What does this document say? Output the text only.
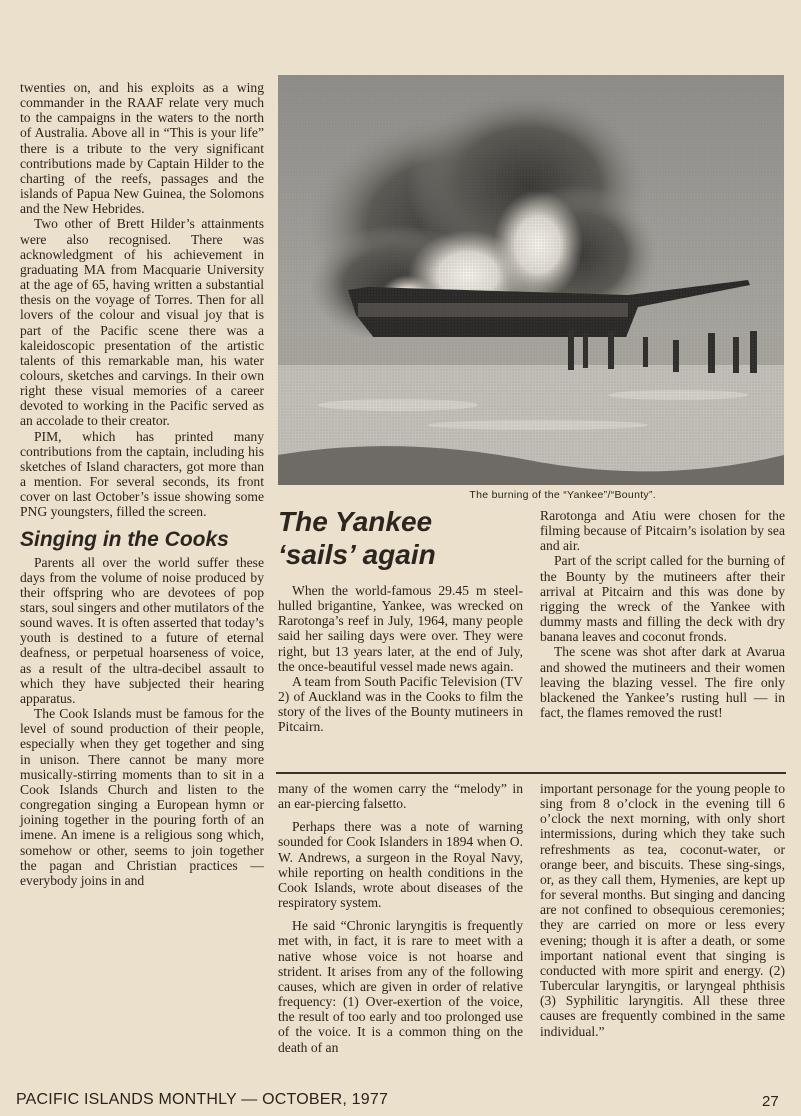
twenties on, and his exploits as a wing commander in the RAAF relate very much to the campaigns in the waters to the north of Australia. Above all in “This is your life” there is a tribute to the very significant contributions made by Captain Hilder to the charting of the reefs, passages and the islands of Papua New Guinea, the Solomons and the New Hebrides.

Two other of Brett Hilder’s attainments were also recognised. There was acknowledgment of his achievement in graduating MA from Macquarie University at the age of 65, having written a substantial thesis on the voyage of Torres. Then for all lovers of the colour and visual joy that is part of the Pacific scene there was a kaleidoscopic presentation of the artistic talents of this remarkable man, his water colours, sketches and carvings. In their own right these visual memories of a career devoted to working in the Pacific served as an accolade to their creator.

PIM, which has printed many contributions from the captain, including his sketches of Island characters, got more than a mention. For several seconds, its front cover on last October’s issue showing some PNG youngsters, filled the screen.

Singing in the Cooks

Parents all over the world suffer these days from the volume of noise produced by their offspring who are devotees of pop stars, soul singers and other mutilators of the sound waves. It is often asserted that today’s youth is destined to a future of eternal deafness, or perpetual hoarseness of voice, as a result of the ultra-decibel assault to which they have subjected their hearing apparatus.

The Cook Islands must be famous for the level of sound production of their people, especially when they get together and sing in unison. There cannot be many more musically-stirring moments than to sit in a Cook Islands Church and listen to the congregation singing a European hymn or joining together in the pouring forth of an imene. An imene is a religious song which, somehow or other, seems to join together the pagan and Christian practices — everybody joins in and

The burning of the “Yankee”/“Bounty”.
The Yankee
‘sails’ again

When the world-famous 29.45 m steel-hulled brigantine, Yankee, was wrecked on Rarotonga’s reef in July, 1964, many people said her sailing days were over. They were right, but 13 years later, at the end of July, the once-beautiful vessel made news again.

A team from South Pacific Television (TV 2) of Auckland was in the Cooks to film the story of the lives of the Bounty mutineers in Pitcairn.

Rarotonga and Atiu were chosen for the filming because of Pitcairn’s isolation by sea and air.

Part of the script called for the burning of the Bounty by the mutineers after their arrival at Pitcairn and this was done by rigging the wreck of the Yankee with dummy masts and filling the deck with dry banana leaves and coconut fronds.

The scene was shot after dark at Avarua and showed the mutineers and their women leaving the blazing vessel. The fire only blackened the Yankee’s rusting hull — in fact, the flames removed the rust!

many of the women carry the “melody” in an ear-piercing falsetto.

Perhaps there was a note of warning sounded for Cook Islanders in 1894 when O. W. Andrews, a surgeon in the Royal Navy, while reporting on health conditions in the Cook Islands, wrote about diseases of the respiratory system.

He said “Chronic laryngitis is frequently met with, in fact, it is rare to meet with a native whose voice is not hoarse and strident. It arises from any of the following causes, which are given in order of relative frequency: (1) Over-exertion of the voice, the result of too early and too prolonged use of the voice. It is a common thing on the death of an

important personage for the young people to sing from 8 o’clock in the evening till 6 o’clock the next morning, with only short intermissions, during which they take such refreshments as tea, coconut-water, or orange beer, and biscuits. These sing-sings, or, as they call them, Hymenies, are kept up for several months. But singing and dancing are not confined to obsequious ceremonies; they are carried on more or less every evening; though it is after a death, or some important national event that singing is conducted with more spirit and energy. (2) Tubercular laryngitis, or laryngeal phthisis (3) Syphilitic laryngitis. All these three causes are frequently combined in the same individual.”

PACIFIC ISLANDS MONTHLY — OCTOBER, 1977	27
